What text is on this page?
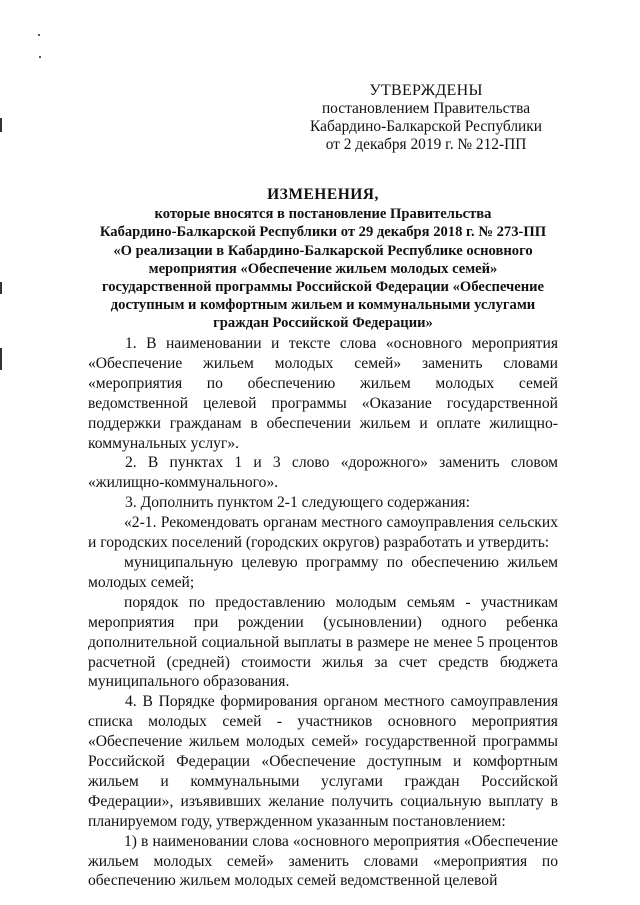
УТВЕРЖДЕНЫ
постановлением Правительства
Кабардино-Балкарской Республики
от 2 декабря 2019 г. № 212-ПП
ИЗМЕНЕНИЯ,
которые вносятся в постановление Правительства
Кабардино-Балкарской Республики от 29 декабря 2018 г. № 273-ПП
«О реализации в Кабардино-Балкарской Республике основного
мероприятия «Обеспечение жильем молодых семей»
государственной программы Российской Федерации «Обеспечение
доступным и комфортным жильем и коммунальными услугами
граждан Российской Федерации»

1. В наименовании и тексте слова «основного мероприятия «Обеспечение жильем молодых семей» заменить словами «мероприятия по обеспечению жильем молодых семей ведомственной целевой программы «Оказание государственной поддержки гражданам в обеспечении жильем и оплате жилищно-коммунальных услуг».

2. В пунктах 1 и 3 слово «дорожного» заменить словом «жилищно-коммунального».

3. Дополнить пунктом 2-1 следующего содержания:

«2-1. Рекомендовать органам местного самоуправления сельских и городских поселений (городских округов) разработать и утвердить:

муниципальную целевую программу по обеспечению жильем молодых семей;

порядок по предоставлению молодым семьям - участникам мероприятия при рождении (усыновлении) одного ребенка дополнительной социальной выплаты в размере не менее 5 процентов расчетной (средней) стоимости жилья за счет средств бюджета муниципального образования.

4. В Порядке формирования органом местного самоуправления списка молодых семей - участников основного мероприятия «Обеспечение жильем молодых семей» государственной программы Российской Федерации «Обеспечение доступным и комфортным жильем и коммунальными услугами граждан Российской Федерации», изъявивших желание получить социальную выплату в планируемом году, утвержденном указанным постановлением:

1) в наименовании слова «основного мероприятия «Обеспечение жильем молодых семей» заменить словами «мероприятия по обеспечению жильем молодых семей ведомственной целевой
